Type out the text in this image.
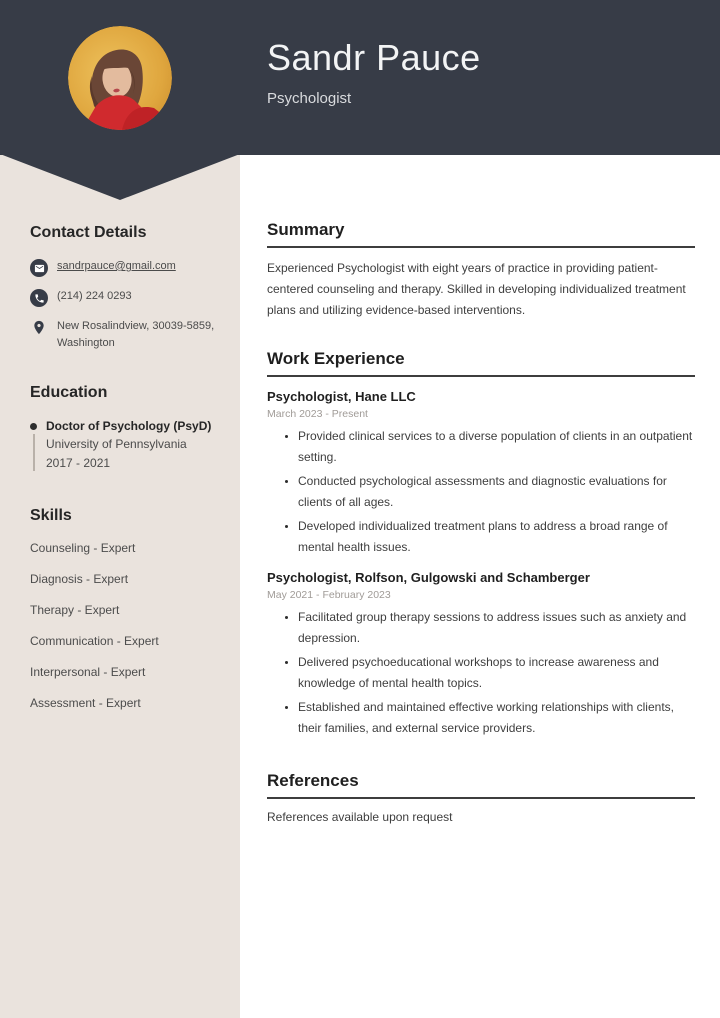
Sandr Pauce
Psychologist
Contact Details
sandrpauce@gmail.com
(214) 224 0293
New Rosalindview, 30039-5859, Washington
Education
Doctor of Psychology (PsyD)
University of Pennsylvania
2017 - 2021
Skills
Counseling - Expert
Diagnosis - Expert
Therapy - Expert
Communication - Expert
Interpersonal - Expert
Assessment - Expert
Summary

Experienced Psychologist with eight years of practice in providing patient-centered counseling and therapy. Skilled in developing individualized treatment plans and utilizing evidence-based interventions.

Work Experience
Psychologist, Hane LLC
March 2023 - Present
• Provided clinical services to a diverse population of clients in an outpatient setting.
• Conducted psychological assessments and diagnostic evaluations for clients of all ages.
• Developed individualized treatment plans to address a broad range of mental health issues.
Psychologist, Rolfson, Gulgowski and Schamberger
May 2021 - February 2023
• Facilitated group therapy sessions to address issues such as anxiety and depression.
• Delivered psychoeducational workshops to increase awareness and knowledge of mental health topics.
• Established and maintained effective working relationships with clients, their families, and external service providers.
References

References available upon request
